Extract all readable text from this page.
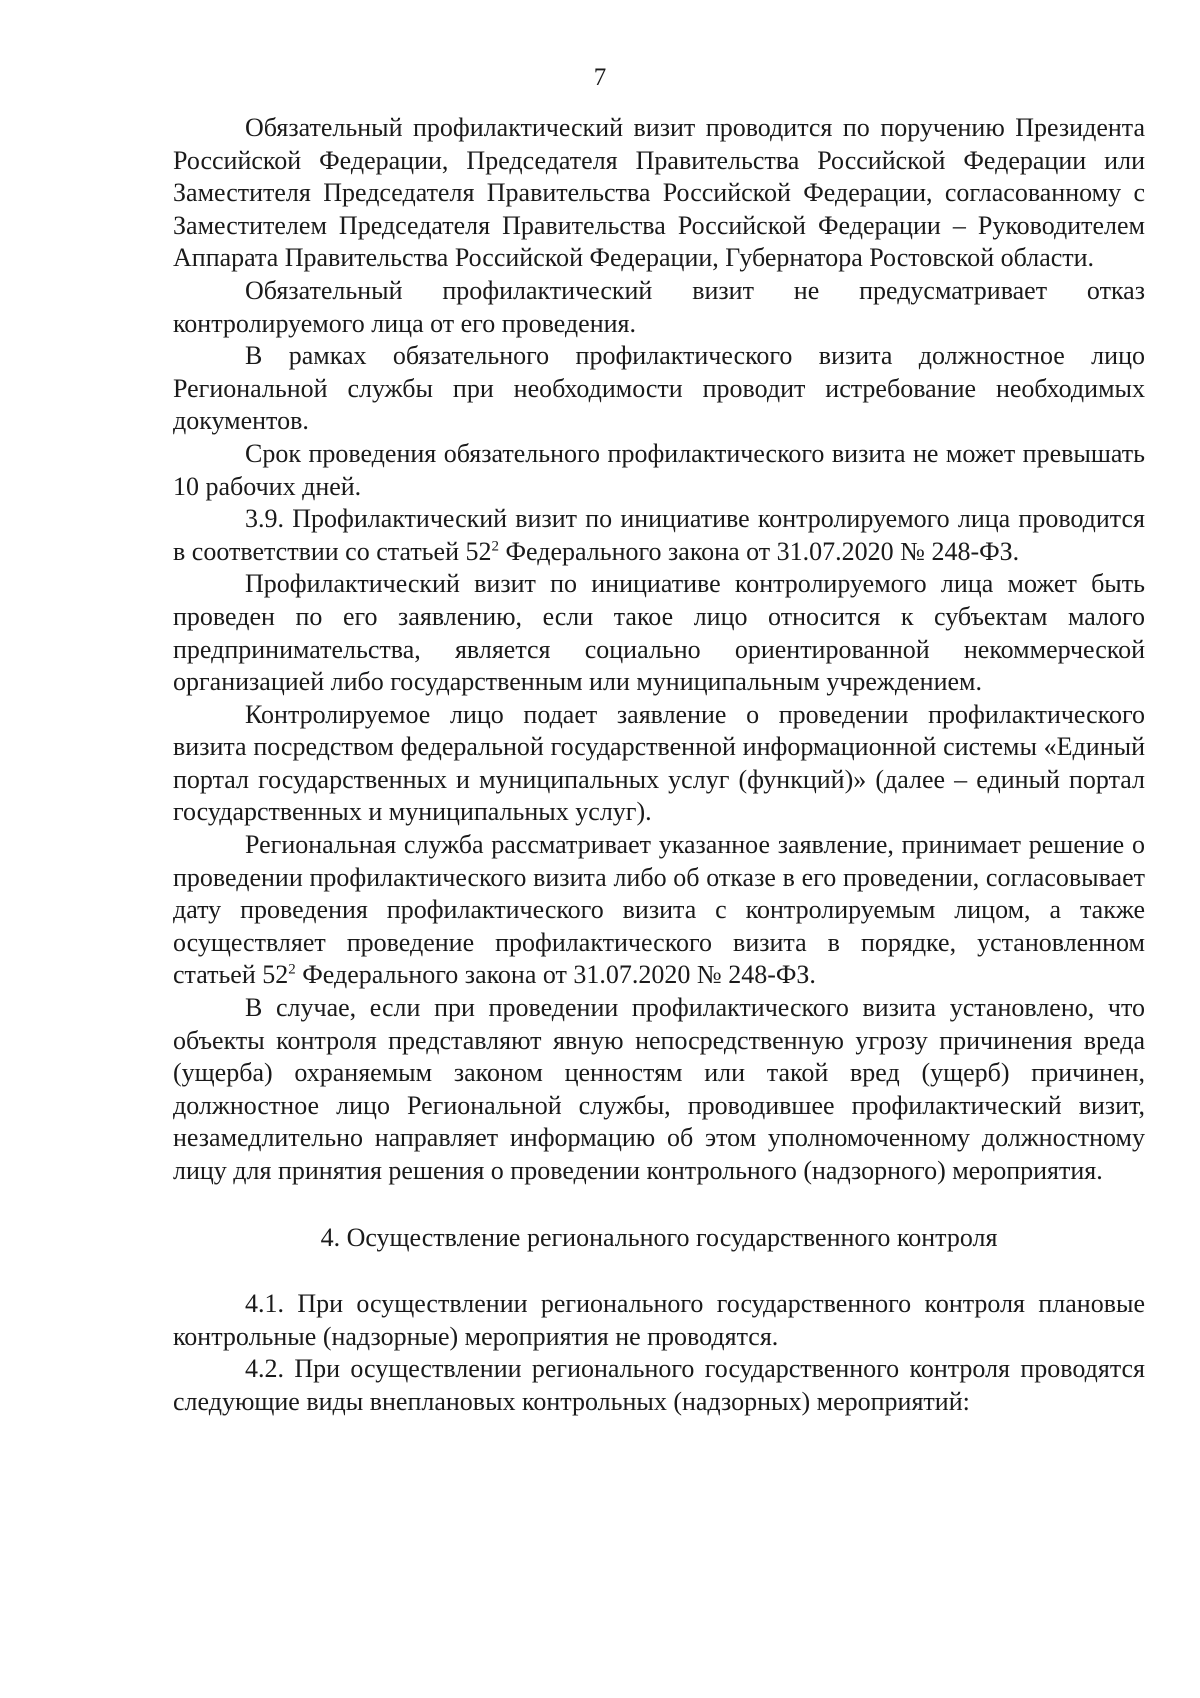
7

Обязательный профилактический визит проводится по поручению Президента Российской Федерации, Председателя Правительства Российской Федерации или Заместителя Председателя Правительства Российской Федерации, согласованному с Заместителем Председателя Правительства Российской Федерации – Руководителем Аппарата Правительства Российской Федерации, Губернатора Ростовской области.

Обязательный профилактический визит не предусматривает отказ контролируемого лица от его проведения.

В рамках обязательного профилактического визита должностное лицо Региональной службы при необходимости проводит истребование необходимых документов.

Срок проведения обязательного профилактического визита не может превышать 10 рабочих дней.

3.9. Профилактический визит по инициативе контролируемого лица проводится в соответствии со статьей $52^2$ Федерального закона от 31.07.2020 № 248-ФЗ.

Профилактический визит по инициативе контролируемого лица может быть проведен по его заявлению, если такое лицо относится к субъектам малого предпринимательства, является социально ориентированной некоммерческой организацией либо государственным или муниципальным учреждением.

Контролируемое лицо подает заявление о проведении профилактического визита посредством федеральной государственной информационной системы «Единый портал государственных и муниципальных услуг (функций)» (далее – единый портал государственных и муниципальных услуг).

Региональная служба рассматривает указанное заявление, принимает решение о проведении профилактического визита либо об отказе в его проведении, согласовывает дату проведения профилактического визита с контролируемым лицом, а также осуществляет проведение профилактического визита в порядке, установленном статьей $52^2$ Федерального закона от 31.07.2020 № 248-ФЗ.

В случае, если при проведении профилактического визита установлено, что объекты контроля представляют явную непосредственную угрозу причинения вреда (ущерба) охраняемым законом ценностям или такой вред (ущерб) причинен, должностное лицо Региональной службы, проводившее профилактический визит, незамедлительно направляет информацию об этом уполномоченному должностному лицу для принятия решения о проведении контрольного (надзорного) мероприятия.

4. Осуществление регионального государственного контроля

4.1. При осуществлении регионального государственного контроля плановые контрольные (надзорные) мероприятия не проводятся.

4.2. При осуществлении регионального государственного контроля проводятся следующие виды внеплановых контрольных (надзорных) мероприятий:
